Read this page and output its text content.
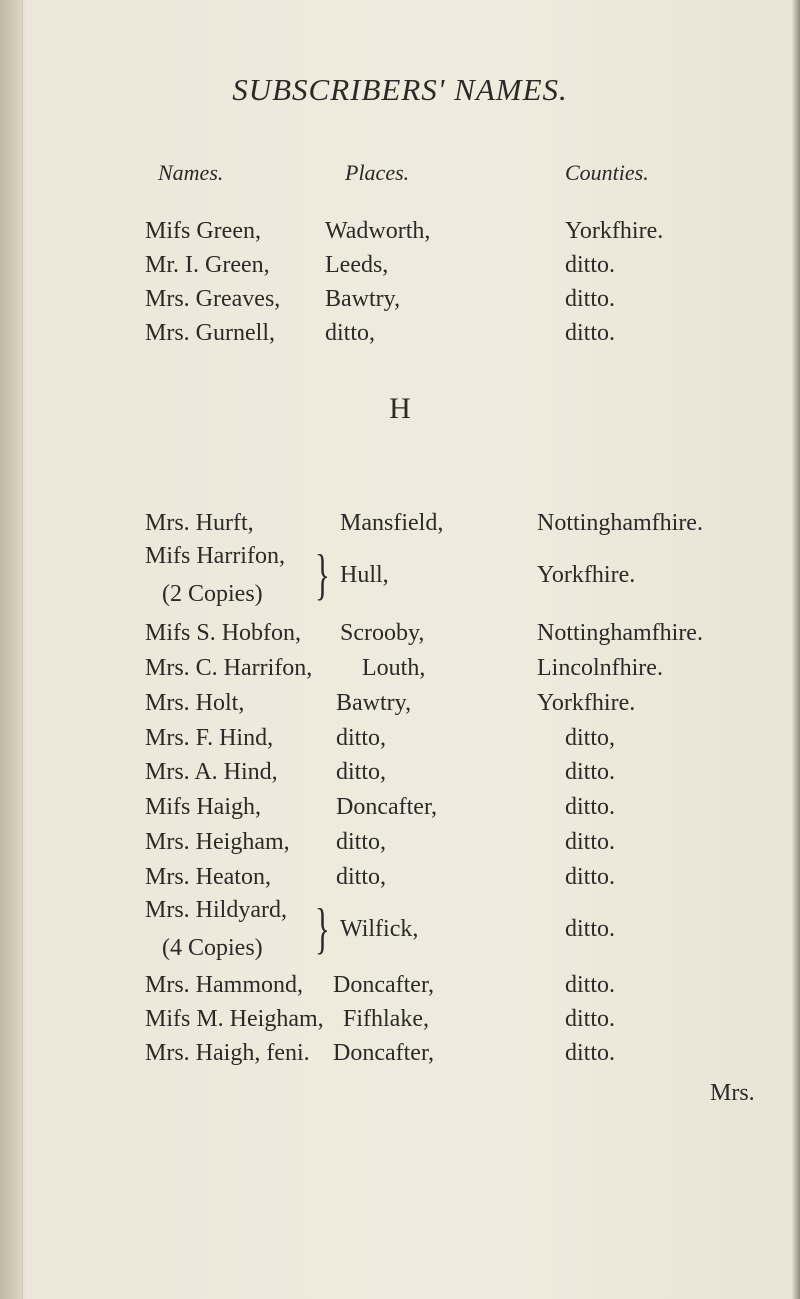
SUBSCRIBERS' NAMES.
Names.	Places.	Counties.
Mifs Green,	Wadworth,	Yorkfhire.
Mr. I. Green, Leeds,	ditto.
Mrs. Greaves, Bawtry,	ditto.
Mrs. Gurnell, ditto,	ditto.
H
Mrs. Hurft,	Mansfield,	Nottinghamfhire.
Mifs Harrifon,
(2 Copies) } Hull,	Yorkfhire.
Mifs S. Hobfon, Scrooby,	Nottinghamfhire.
Mrs. C. Harrifon, Louth,	Lincolnfhire.
Mrs. Holt,	Bawtry,	Yorkfhire.
Mrs. F. Hind,	ditto,	ditto,
Mrs. A. Hind, ditto,	ditto.
Mifs Haigh,	Doncafter,	ditto.
Mrs. Heigham, ditto,	ditto.
Mrs. Heaton,	ditto,	ditto.
Mrs. Hildyard,
(4 Copies) } Wilfick,	ditto.
Mrs. Hammond, Doncafter,	ditto.
Mifs M. Heigham, Fifhlake,	ditto.
Mrs. Haigh, feni. Doncafter,	ditto.
Mrs.
